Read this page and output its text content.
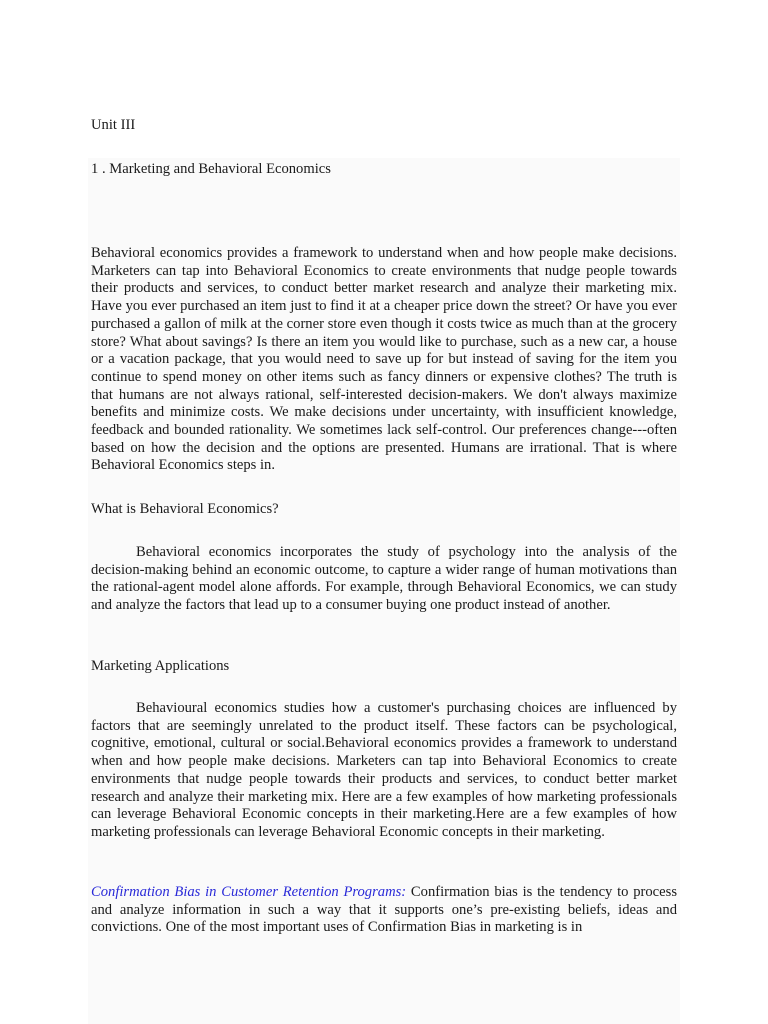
Unit III

1 . Marketing and Behavioral Economics

Behavioral economics provides a framework to understand when and how people make decisions. Marketers can tap into Behavioral Economics to create environments that nudge people towards their products and services, to conduct better market research and analyze their marketing mix. Have you ever purchased an item just to find it at a cheaper price down the street? Or have you ever purchased a gallon of milk at the corner store even though it costs twice as much than at the grocery store? What about savings? Is there an item you would like to purchase, such as a new car, a house or a vacation package, that you would need to save up for but instead of saving for the item you continue to spend money on other items such as fancy dinners or expensive clothes? The truth is that humans are not always rational, self-interested decision-makers. We don't always maximize benefits and minimize costs. We make decisions under uncertainty, with insufficient knowledge, feedback and bounded rationality. We sometimes lack self-control. Our preferences change---often based on how the decision and the options are presented. Humans are irrational. That is where Behavioral Economics steps in.

What is Behavioral Economics?

Behavioral economics incorporates the study of psychology into the analysis of the decision-making behind an economic outcome, to capture a wider range of human motivations than the rational-agent model alone affords. For example, through Behavioral Economics, we can study and analyze the factors that lead up to a consumer buying one product instead of another.

Marketing Applications

Behavioural economics studies how a customer's purchasing choices are influenced by factors that are seemingly unrelated to the product itself. These factors can be psychological, cognitive, emotional, cultural or social.Behavioral economics provides a framework to understand when and how people make decisions. Marketers can tap into Behavioral Economics to create environments that nudge people towards their products and services, to conduct better market research and analyze their marketing mix. Here are a few examples of how marketing professionals can leverage Behavioral Economic concepts in their marketing.Here are a few examples of how marketing professionals can leverage Behavioral Economic concepts in their marketing.

Confirmation Bias in Customer Retention Programs: Confirmation bias is the tendency to process and analyze information in such a way that it supports one’s pre-existing beliefs, ideas and convictions. One of the most important uses of Confirmation Bias in marketing is in
